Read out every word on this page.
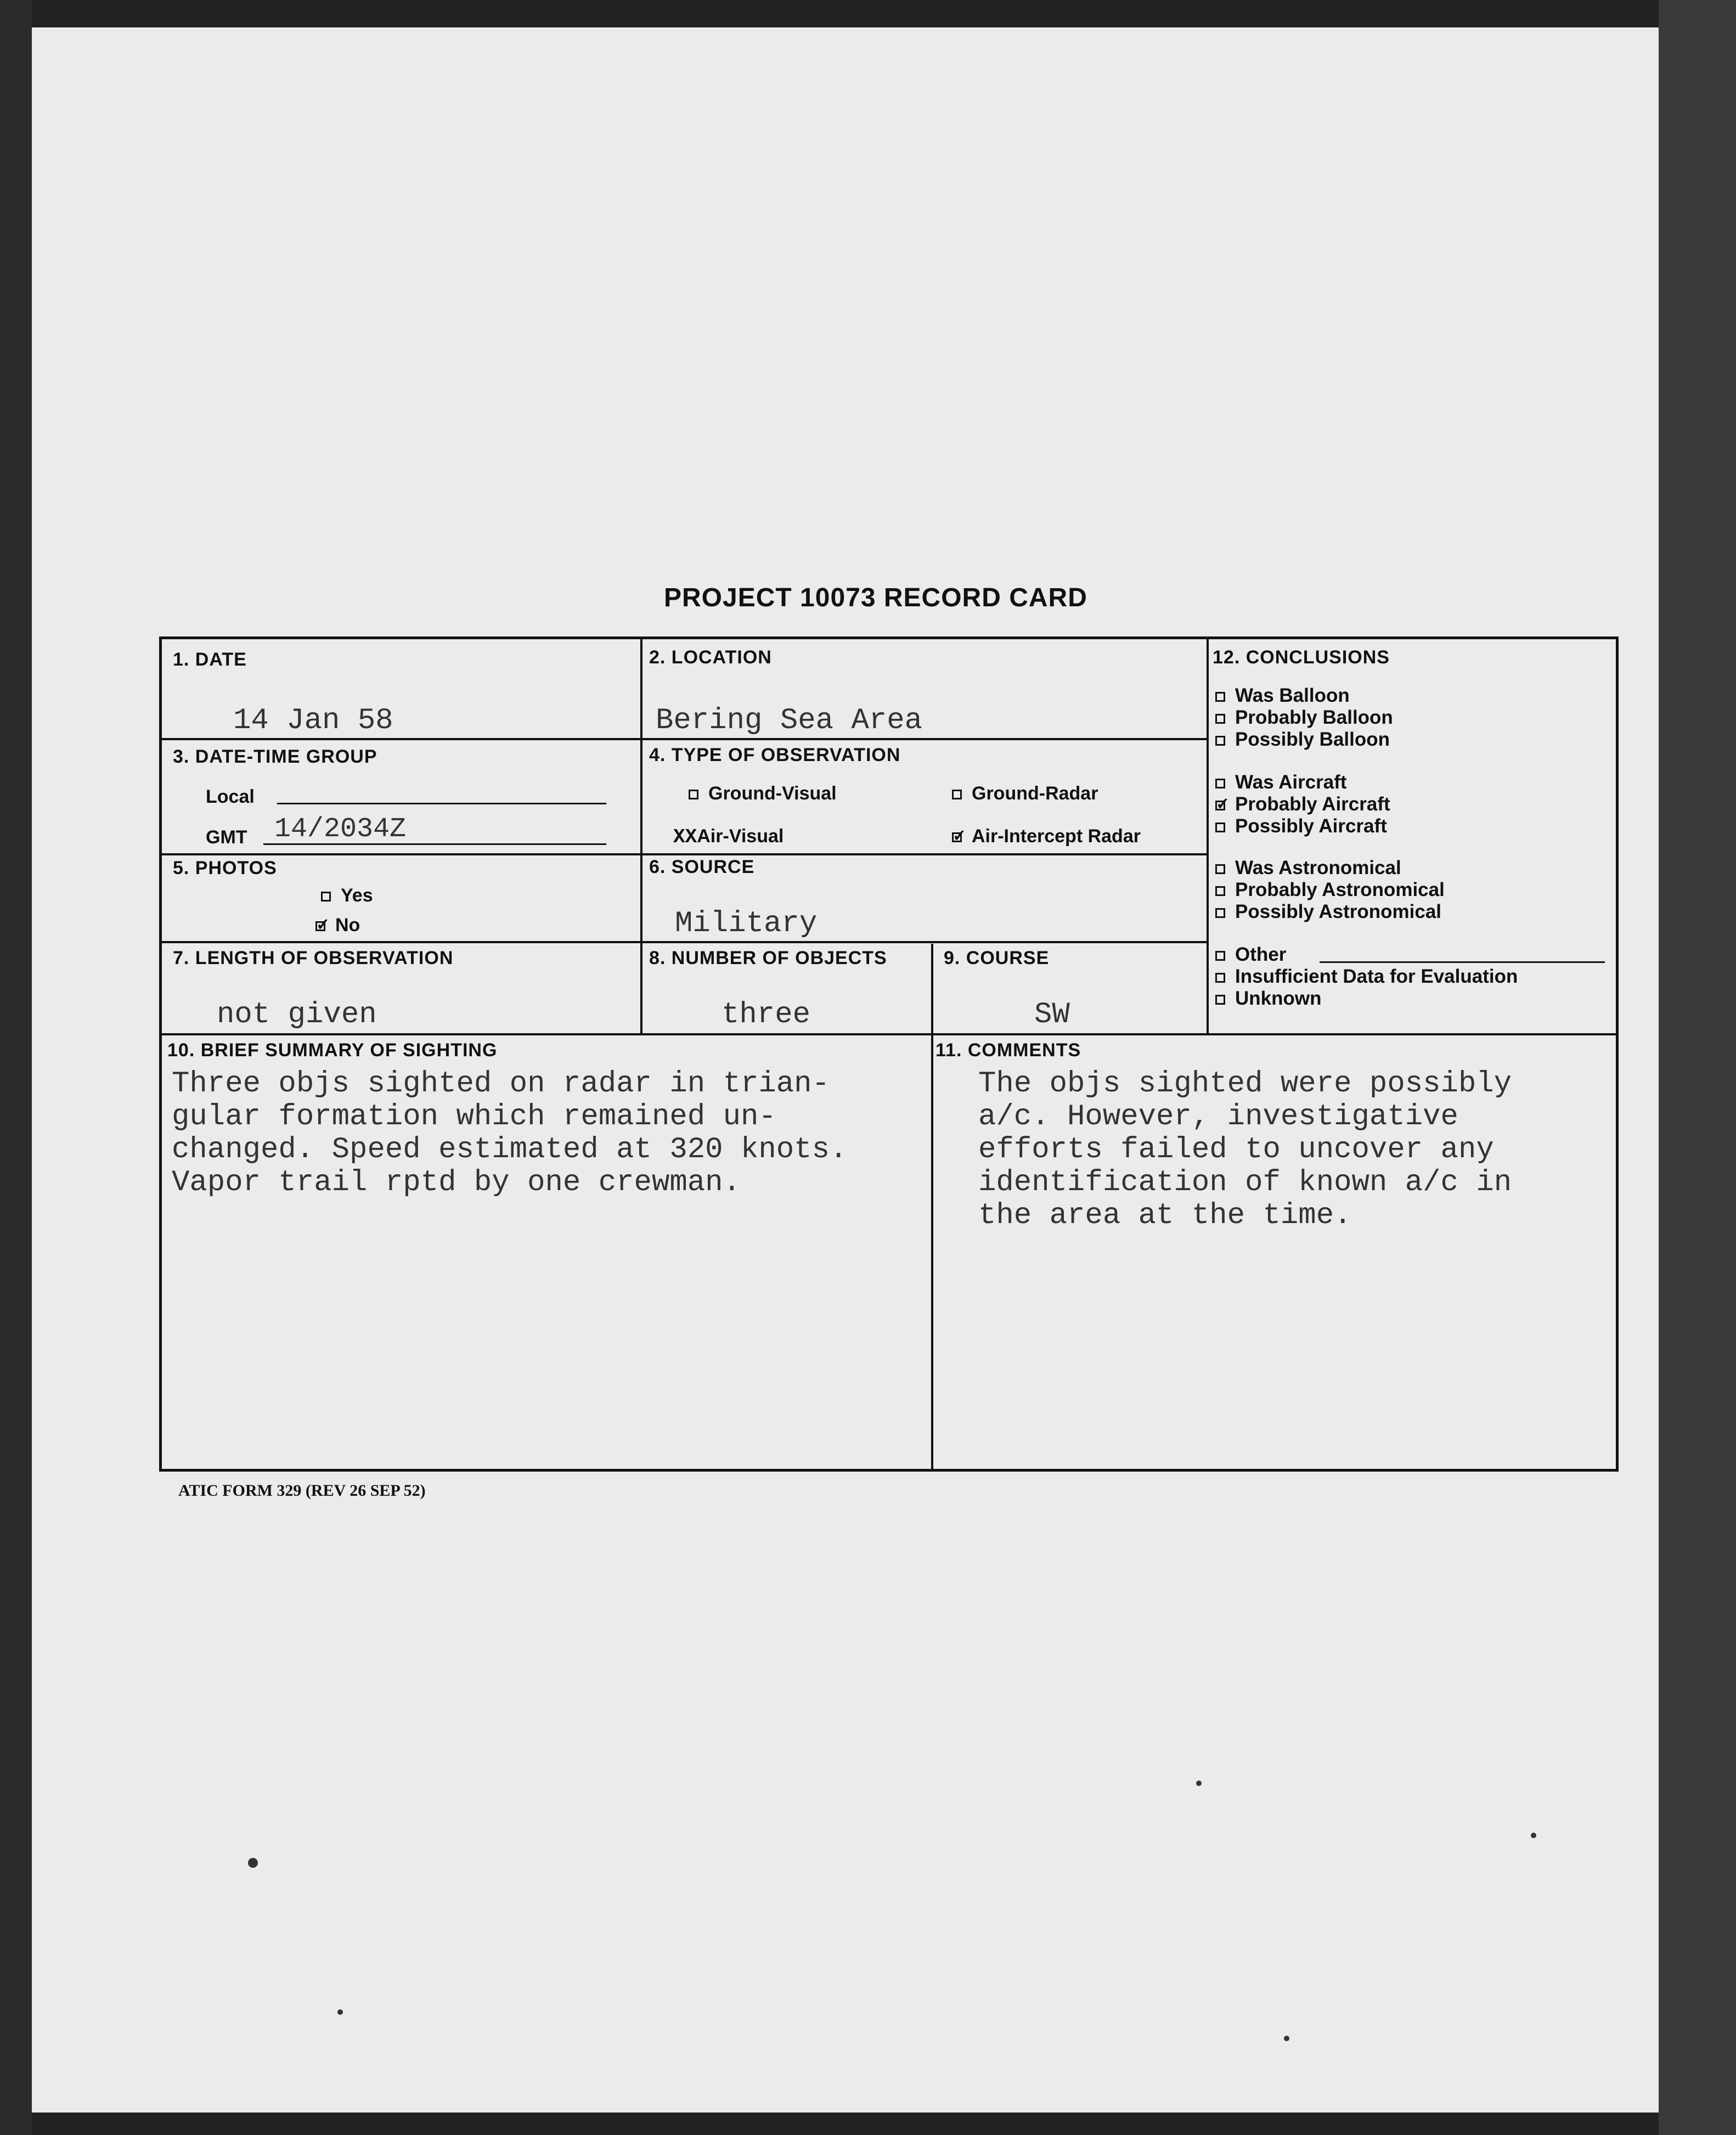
PROJECT 10073 RECORD CARD
1. DATE
14 Jan 58
2. LOCATION
Bering Sea Area
3. DATE-TIME GROUP
Local
GMT 14/2034Z
4. TYPE OF OBSERVATION
Ground-Visual	Ground-Radar
XXAir-Visual
✓	Air-Intercept Radar
5. PHOTOS
Yes
✓No
6. SOURCE
Military
7. LENGTH OF OBSERVATION
not given
8. NUMBER OF OBJECTS
three
9. COURSE
SW
10. BRIEF SUMMARY OF SIGHTING
Three objs sighted on radar in trian-
gular formation which remained un-
changed. Speed estimated at 320 knots.
Vapor trail rptd by one crewman.
11. COMMENTS
The objs sighted were possibly
a/c. However, investigative
efforts failed to uncover any
identification of known a/c in
the area at the time.
12. CONCLUSIONS
Was Balloon
Probably Balloon
Possibly Balloon
Was Aircraft
✓Probably Aircraft
Possibly Aircraft
Was Astronomical
Probably Astronomical
Possibly Astronomical
Other
Insufficient Data for Evaluation
Unknown
ATIC FORM 329 (REV 26 SEP 52)
